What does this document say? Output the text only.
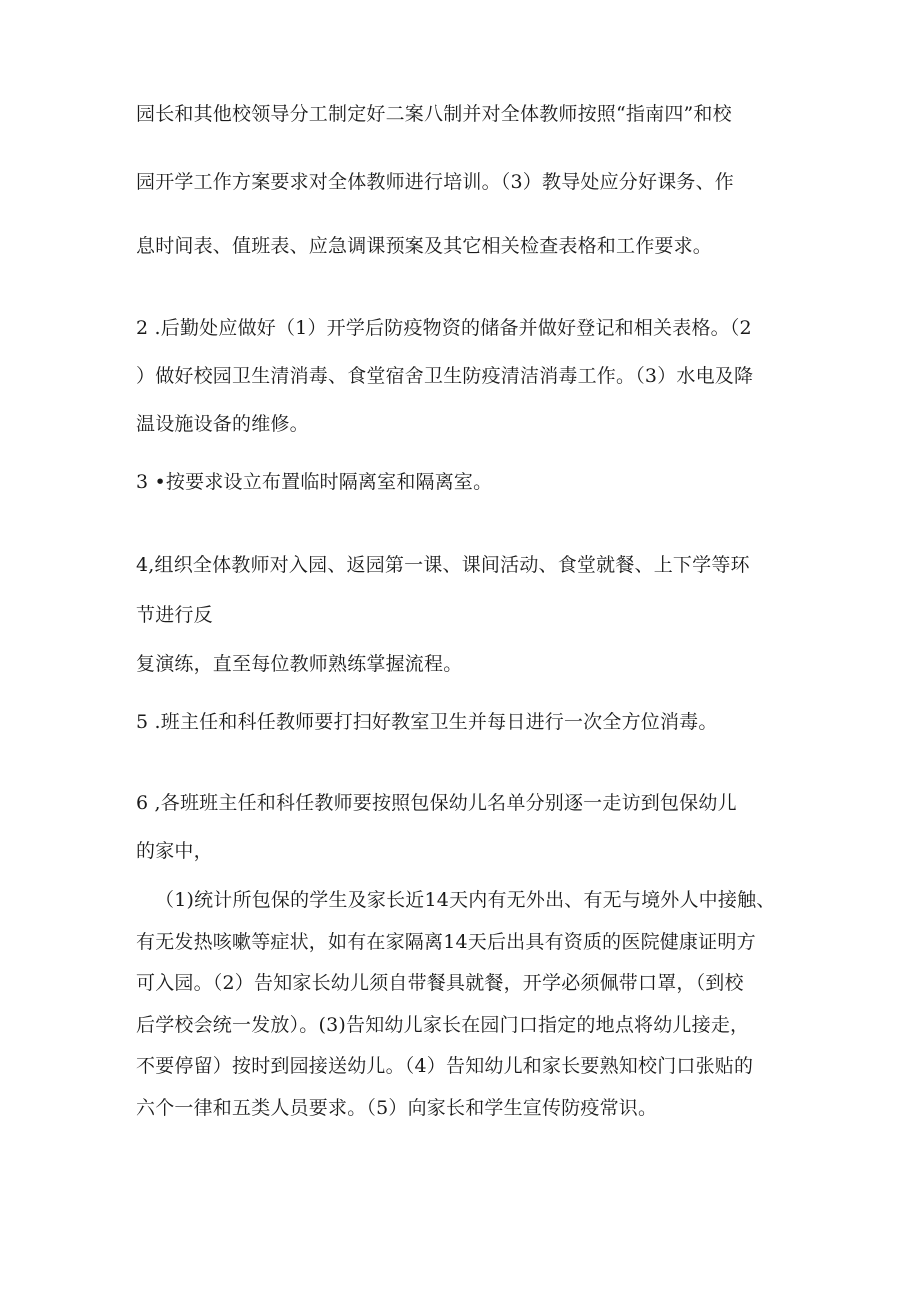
园长和其他校领导分工制定好二案八制并对全体教师按照“指南四”和校
园开学工作方案要求对全体教师进行培训。（3）教导处应分好课务、作
息时间表、值班表、应急调课预案及其它相关检查表格和工作要求。
2 .后勤处应做好（1）开学后防疫物资的储备并做好登记和相关表格。（2
）做好校园卫生清消毒、食堂宿舍卫生防疫清洁消毒工作。（3）水电及降
温设施设备的维修。
3 •按要求设立布置临时隔离室和隔离室。
4,组织全体教师对入园、返园第一课、课间活动、食堂就餐、上下学等环
节进行反
复演练，直至每位教师熟练掌握流程。
5 .班主任和科任教师要打扫好教室卫生并每日进行一次全方位消毒。
6 ,各班班主任和科任教师要按照包保幼儿名单分别逐一走访到包保幼儿
的家中，
（1)统计所包保的学生及家长近14天内有无外出、有无与境外人中接触、
有无发热咳嗽等症状，如有在家隔离14天后出具有资质的医院健康证明方
可入园。（2）告知家长幼儿须自带餐具就餐，开学必须佩带口罩，（到校
后学校会统一发放）。(3)告知幼儿家长在园门口指定的地点将幼儿接走，
不要停留）按时到园接送幼儿。（4）告知幼儿和家长要熟知校门口张贴的
六个一律和五类人员要求。（5）向家长和学生宣传防疫常识。
